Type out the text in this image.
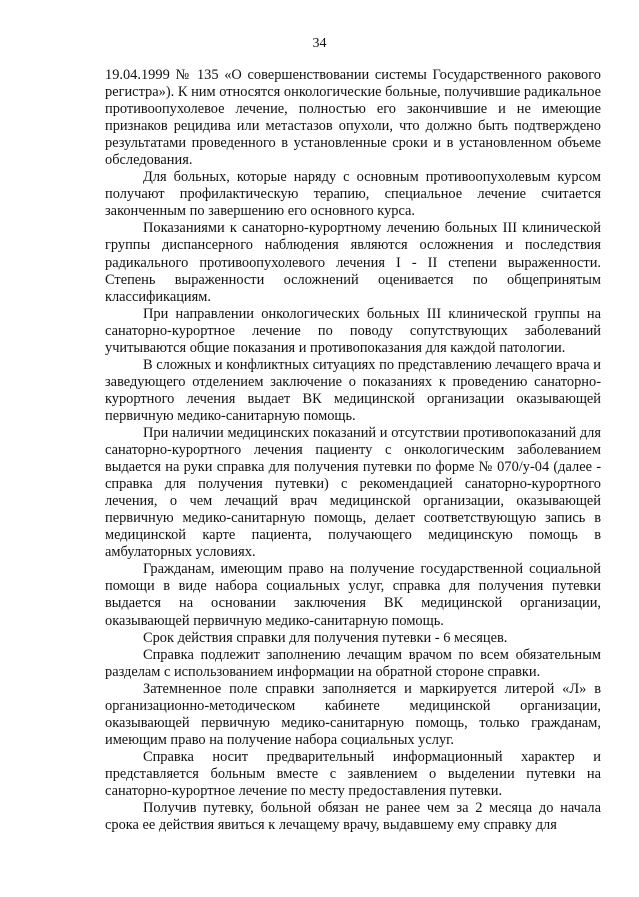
34

19.04.1999 № 135 «О совершенствовании системы Государственного ракового регистра»). К ним относятся онкологические больные, получившие радикальное противоопухолевое лечение, полностью его закончившие и не имеющие признаков рецидива или метастазов опухоли, что должно быть подтверждено результатами проведенного в установленные сроки и в установленном объеме обследования.

Для больных, которые наряду с основным противоопухолевым курсом получают профилактическую терапию, специальное лечение считается законченным по завершению его основного курса.

Показаниями к санаторно-курортному лечению больных III клинической группы диспансерного наблюдения являются осложнения и последствия радикального противоопухолевого лечения I - II степени выраженности. Степень выраженности осложнений оценивается по общепринятым классификациям.

При направлении онкологических больных III клинической группы на санаторно-курортное лечение по поводу сопутствующих заболеваний учитываются общие показания и противопоказания для каждой патологии.

В сложных и конфликтных ситуациях по представлению лечащего врача и заведующего отделением заключение о показаниях к проведению санаторно-курортного лечения выдает ВК медицинской организации оказывающей первичную медико-санитарную помощь.

При наличии медицинских показаний и отсутствии противопоказаний для санаторно-курортного лечения пациенту с онкологическим заболеванием выдается на руки справка для получения путевки по форме № 070/у-04 (далее - справка для получения путевки) с рекомендацией санаторно-курортного лечения, о чем лечащий врач медицинской организации, оказывающей первичную медико-санитарную помощь, делает соответствующую запись в медицинской карте пациента, получающего медицинскую помощь в амбулаторных условиях.

Гражданам, имеющим право на получение государственной социальной помощи в виде набора социальных услуг, справка для получения путевки выдается на основании заключения ВК медицинской организации, оказывающей первичную медико-санитарную помощь.

Срок действия справки для получения путевки - 6 месяцев.

Справка подлежит заполнению лечащим врачом по всем обязательным разделам с использованием информации на обратной стороне справки.

Затемненное поле справки заполняется и маркируется литерой «Л» в организационно-методическом кабинете медицинской организации, оказывающей первичную медико-санитарную помощь, только гражданам, имеющим право на получение набора социальных услуг.

Справка носит предварительный информационный характер и представляется больным вместе с заявлением о выделении путевки на санаторно-курортное лечение по месту предоставления путевки.

Получив путевку, больной обязан не ранее чем за 2 месяца до начала срока ее действия явиться к лечащему врачу, выдавшему ему справку для
